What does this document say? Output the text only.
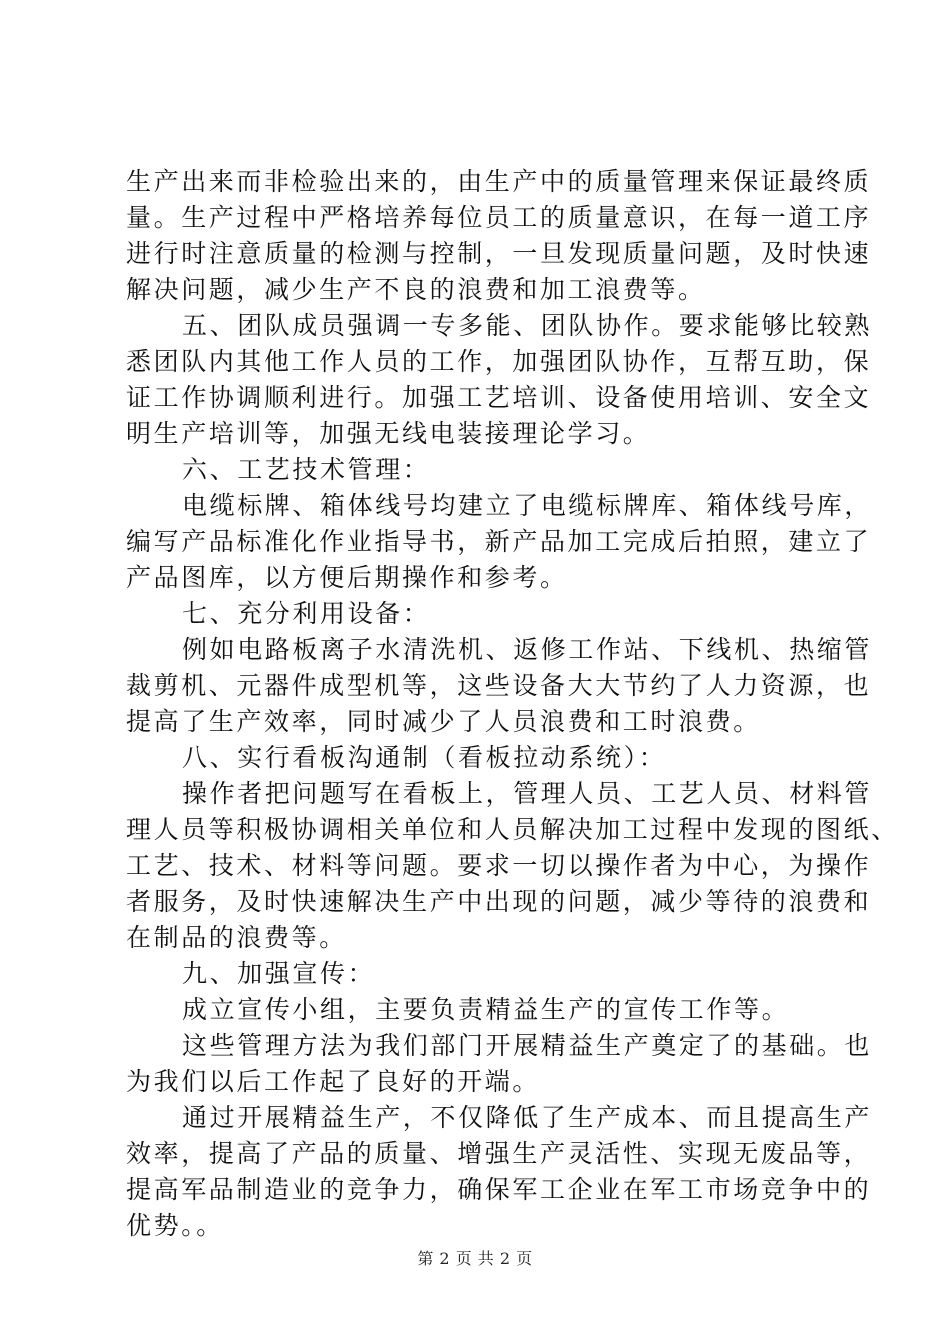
生产出来而非检验出来的，由生产中的质量管理来保证最终质
量。生产过程中严格培养每位员工的质量意识，在每一道工序
进行时注意质量的检测与控制，一旦发现质量问题，及时快速
解决问题，减少生产不良的浪费和加工浪费等。
五、团队成员强调一专多能、团队协作。要求能够比较熟
悉团队内其他工作人员的工作，加强团队协作，互帮互助，保
证工作协调顺利进行。加强工艺培训、设备使用培训、安全文
明生产培训等，加强无线电装接理论学习。
六、工艺技术管理：
电缆标牌、箱体线号均建立了电缆标牌库、箱体线号库，
编写产品标准化作业指导书，新产品加工完成后拍照，建立了
产品图库，以方便后期操作和参考。
七、充分利用设备：
例如电路板离子水清洗机、返修工作站、下线机、热缩管
裁剪机、元器件成型机等，这些设备大大节约了人力资源，也
提高了生产效率，同时减少了人员浪费和工时浪费。
八、实行看板沟通制（看板拉动系统）：
操作者把问题写在看板上，管理人员、工艺人员、材料管
理人员等积极协调相关单位和人员解决加工过程中发现的图纸、
工艺、技术、材料等问题。要求一切以操作者为中心，为操作
者服务，及时快速解决生产中出现的问题，减少等待的浪费和
在制品的浪费等。
九、加强宣传：
成立宣传小组，主要负责精益生产的宣传工作等。
这些管理方法为我们部门开展精益生产奠定了的基础。也
为我们以后工作起了良好的开端。
通过开展精益生产，不仅降低了生产成本、而且提高生产
效率，提高了产品的质量、增强生产灵活性、实现无废品等，
提高军品制造业的竞争力，确保军工企业在军工市场竞争中的
优势。。
第 2 页 共 2 页
